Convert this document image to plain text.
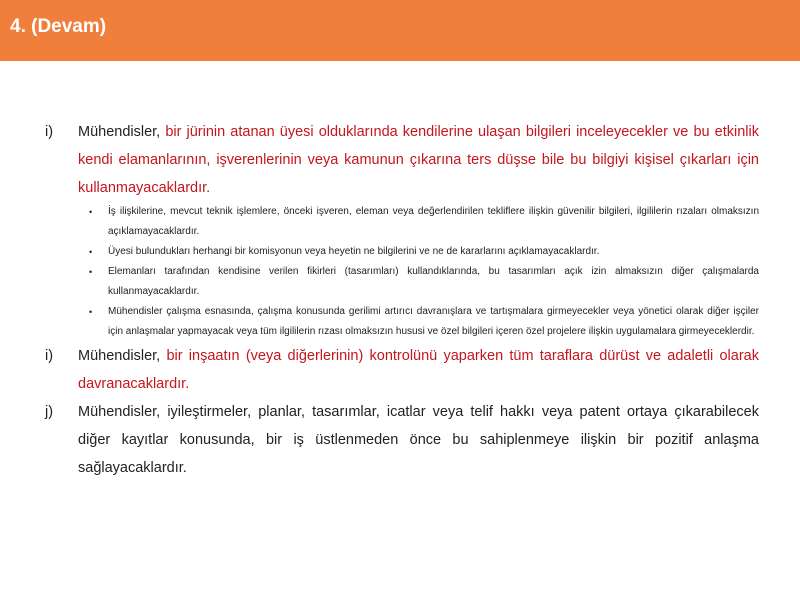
4. (Devam)
i)	Mühendisler, bir jürinin atanan üyesi olduklarında kendilerine ulaşan bilgileri inceleyecekler ve bu etkinlik kendi elamanlarının, işverenlerinin veya kamunun çıkarına ters düşse bile bu bilgiyi kişisel çıkarları için kullanmayacaklardır.
• İş ilişkilerine, mevcut teknik işlemlere, önceki işveren, eleman veya değerlendirilen tekliflere ilişkin güvenilir bilgileri, ilgililerin rızaları olmaksızın açıklamayacaklardır.
• Üyesi bulundukları herhangi bir komisyonun veya heyetin ne bilgilerini ve ne de kararlarını açıklamayacaklardır.
• Elemanları tarafından kendisine verilen fikirleri (tasarımları) kullandıklarında, bu tasarımları açık izin almaksızın diğer çalışmalarda kullanmayacaklardır.
• Mühendisler çalışma esnasında, çalışma konusunda gerilimi artırıcı davranışlara ve tartışmalara girmeyecekler veya yönetici olarak diğer işçiler için anlaşmalar yapmayacak veya tüm ilgililerin rızası olmaksızın hususi ve özel bilgileri içeren özel projelere ilişkin uygulamalara girmeyeceklerdir.
i)	Mühendisler, bir inşaatın (veya diğerlerinin) kontrolünü yaparken tüm taraflara dürüst ve adaletli olarak davranacaklardır.
j)	Mühendisler, iyileştirmeler, planlar, tasarımlar, icatlar veya telif hakkı veya patent ortaya çıkarabilecek diğer kayıtlar konusunda, bir iş üstlenmeden önce bu sahiplenmeye ilişkin bir pozitif anlaşma sağlayacaklardır.
